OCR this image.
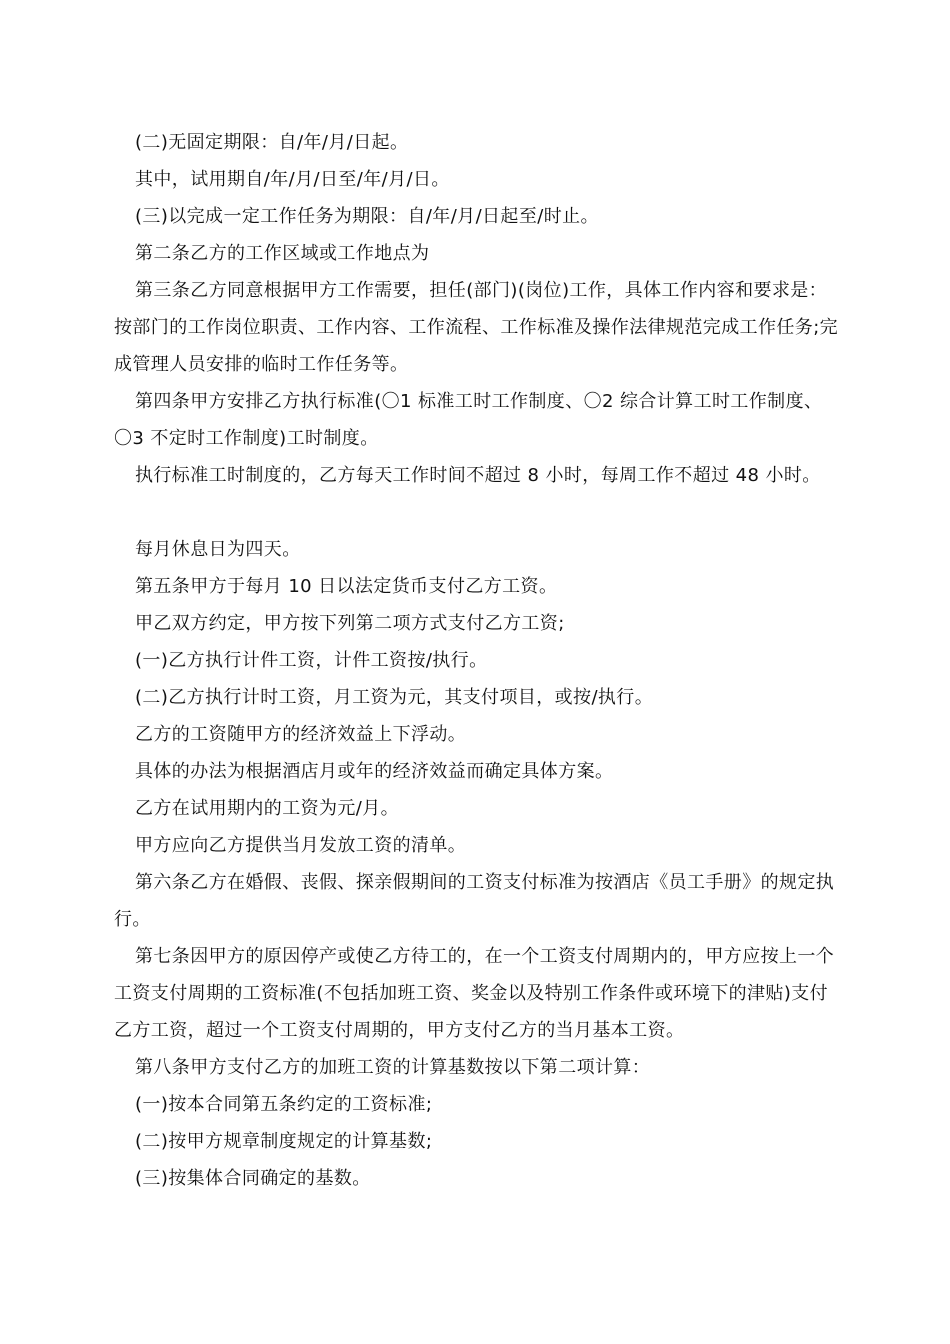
(二)无固定期限：自/年/月/日起。

其中，试用期自/年/月/日至/年/月/日。

(三)以完成一定工作任务为期限：自/年/月/日起至/时止。

第二条乙方的工作区域或工作地点为

第三条乙方同意根据甲方工作需要，担任(部门)(岗位)工作，具体工作内容和要求是：按部门的工作岗位职责、工作内容、工作流程、工作标准及操作法律规范完成工作任务;完成管理人员安排的临时工作任务等。

第四条甲方安排乙方执行标准(〇1 标准工时工作制度、〇2 综合计算工时工作制度、〇3 不定时工作制度)工时制度。

执行标准工时制度的，乙方每天工作时间不超过 8 小时，每周工作不超过 48 小时。

每月休息日为四天。

第五条甲方于每月 10 日以法定货币支付乙方工资。

甲乙双方约定，甲方按下列第二项方式支付乙方工资;

(一)乙方执行计件工资，计件工资按/执行。

(二)乙方执行计时工资，月工资为元，其支付项目，或按/执行。

乙方的工资随甲方的经济效益上下浮动。

具体的办法为根据酒店月或年的经济效益而确定具体方案。

乙方在试用期内的工资为元/月。

甲方应向乙方提供当月发放工资的清单。

第六条乙方在婚假、丧假、探亲假期间的工资支付标准为按酒店《员工手册》的规定执行。

第七条因甲方的原因停产或使乙方待工的，在一个工资支付周期内的，甲方应按上一个工资支付周期的工资标准(不包括加班工资、奖金以及特别工作条件或环境下的津贴)支付乙方工资，超过一个工资支付周期的，甲方支付乙方的当月基本工资。

第八条甲方支付乙方的加班工资的计算基数按以下第二项计算：

(一)按本合同第五条约定的工资标准;

(二)按甲方规章制度规定的计算基数;

(三)按集体合同确定的基数。
